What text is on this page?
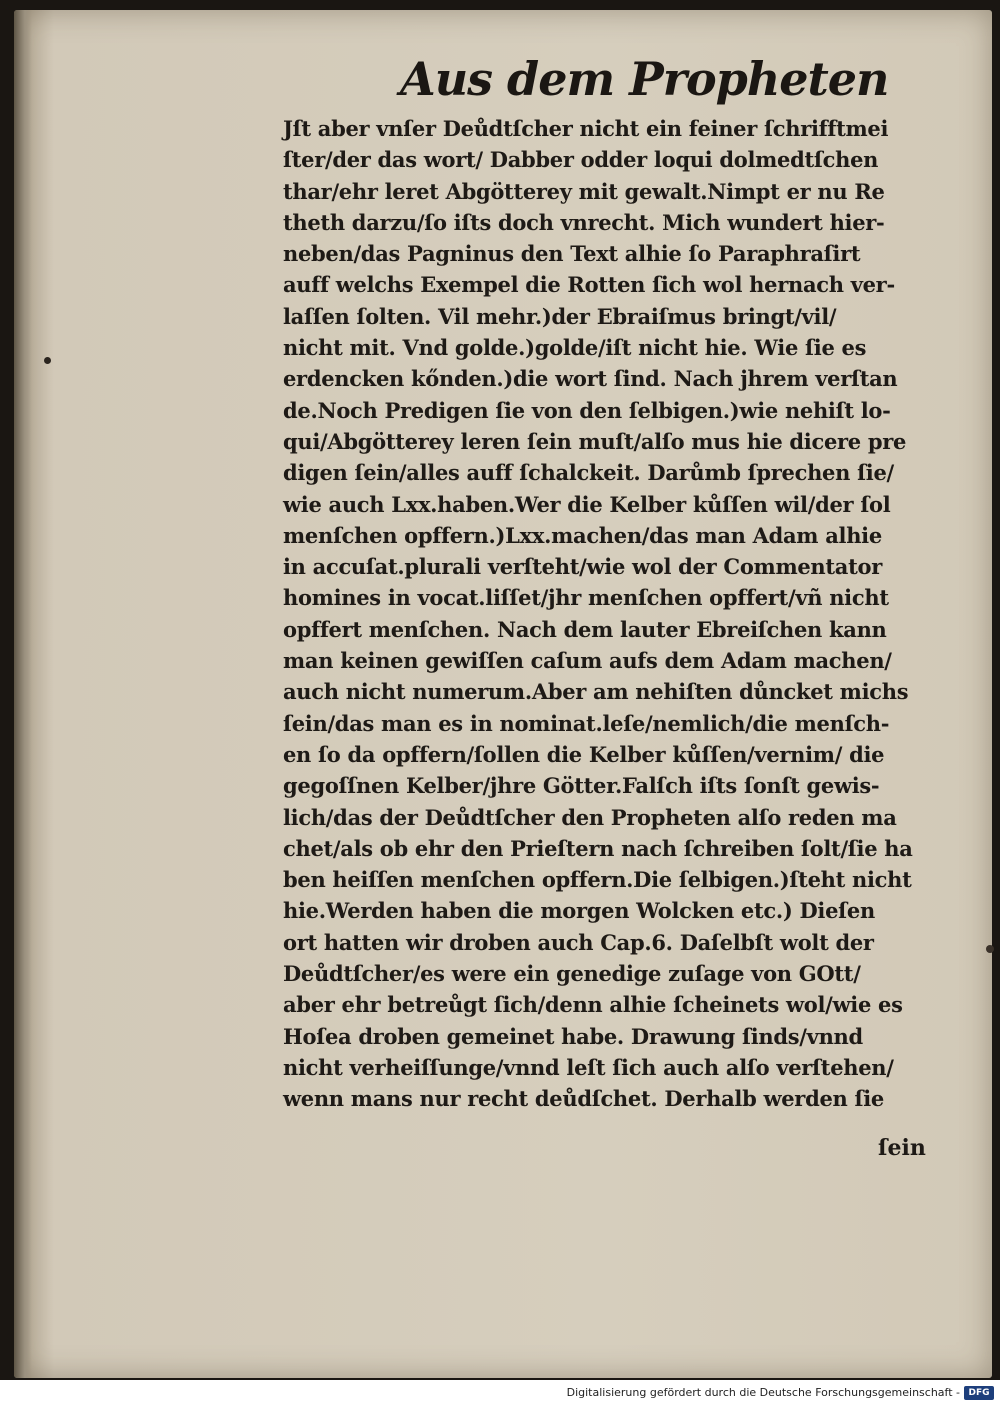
Aus dem Propheten
Jſt aber vnſer Deůdtſcher nicht ein feiner ſchrifftmei
ſter/der das wort/ Dabber odder loqui dolmedtſchen
thar/ehr leret Abgötterey mit gewalt.Nimpt er nu Re
theth darzu/ſo iſts doch vnrecht. Mich wundert hier-
neben/das Pagninus den Text alhie ſo Paraphraſirt
auff welchs Exempel die Rotten ſich wol hernach ver-
laſſen ſolten. Vil mehr.)der Ebraiſmus bringt/vil/
nicht mit. Vnd golde.)golde/iſt nicht hie. Wie ſie es
erdencken kőnden.)die wort ſind. Nach jhrem verſtan
de.Noch Predigen ſie von den ſelbigen.)wie nehiſt lo-
qui/Abgötterey leren ſein muſt/alſo mus hie dicere pre
digen ſein/alles auff ſchalckeit. Darůmb ſprechen ſie/
wie auch Lxx.haben.Wer die Kelber kůſſen wil/der ſol
menſchen opffern.)Lxx.machen/das man Adam alhie
in accuſat.plurali verſteht/wie wol der Commentator
homines in vocat.liſſet/jhr menſchen opffert/vñ nicht
opffert menſchen. Nach dem lauter Ebreiſchen kann
man keinen gewiſſen caſum aufs dem Adam machen/
auch nicht numerum.Aber am nehiſten důncket michs
ſein/das man es in nominat.leſe/nemlich/die menſch-
en ſo da opffern/ſollen die Kelber kůſſen/vernim/ die
gegoſſnen Kelber/jhre Götter.Falſch iſts ſonſt gewis-
lich/das der Deůdtſcher den Propheten alſo reden ma
chet/als ob ehr den Prieſtern nach ſchreiben ſolt/ſie ha
ben heiſſen menſchen opffern.Die ſelbigen.)ſteht nicht
hie.Werden haben die morgen Wolcken etc.) Dieſen
ort hatten wir droben auch Cap.6. Daſelbſt wolt der
Deůdtſcher/es were ein genedige zuſage von GOtt/
aber ehr betreůgt ſich/denn alhie ſcheinets wol/wie es
Hoſea droben gemeinet habe. Drawung ſinds/vnnd
nicht verheiſſunge/vnnd leſt ſich auch alſo verſtehen/
wenn mans nur recht deůdſchet. Derhalb werden ſie
ſein
Digitalisierung gefördert durch die Deutsche Forschungsgemeinschaft - DFG
